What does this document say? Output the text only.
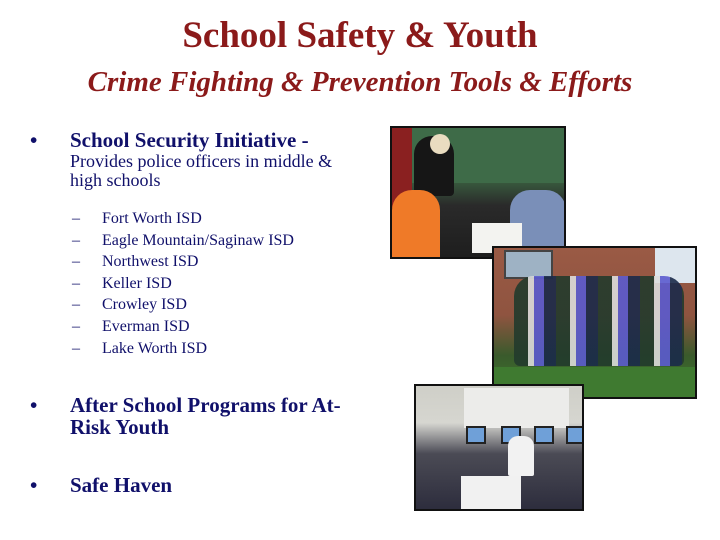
School Safety & Youth
Crime Fighting & Prevention Tools & Efforts
• School Security Initiative -
Provides police officers in middle &
high schools
– Fort Worth ISD
– Eagle Mountain/Saginaw ISD
– Northwest ISD
– Keller ISD
– Crowley ISD
– Everman ISD
– Lake Worth ISD
• After School Programs for At-Risk Youth
• Safe Haven
